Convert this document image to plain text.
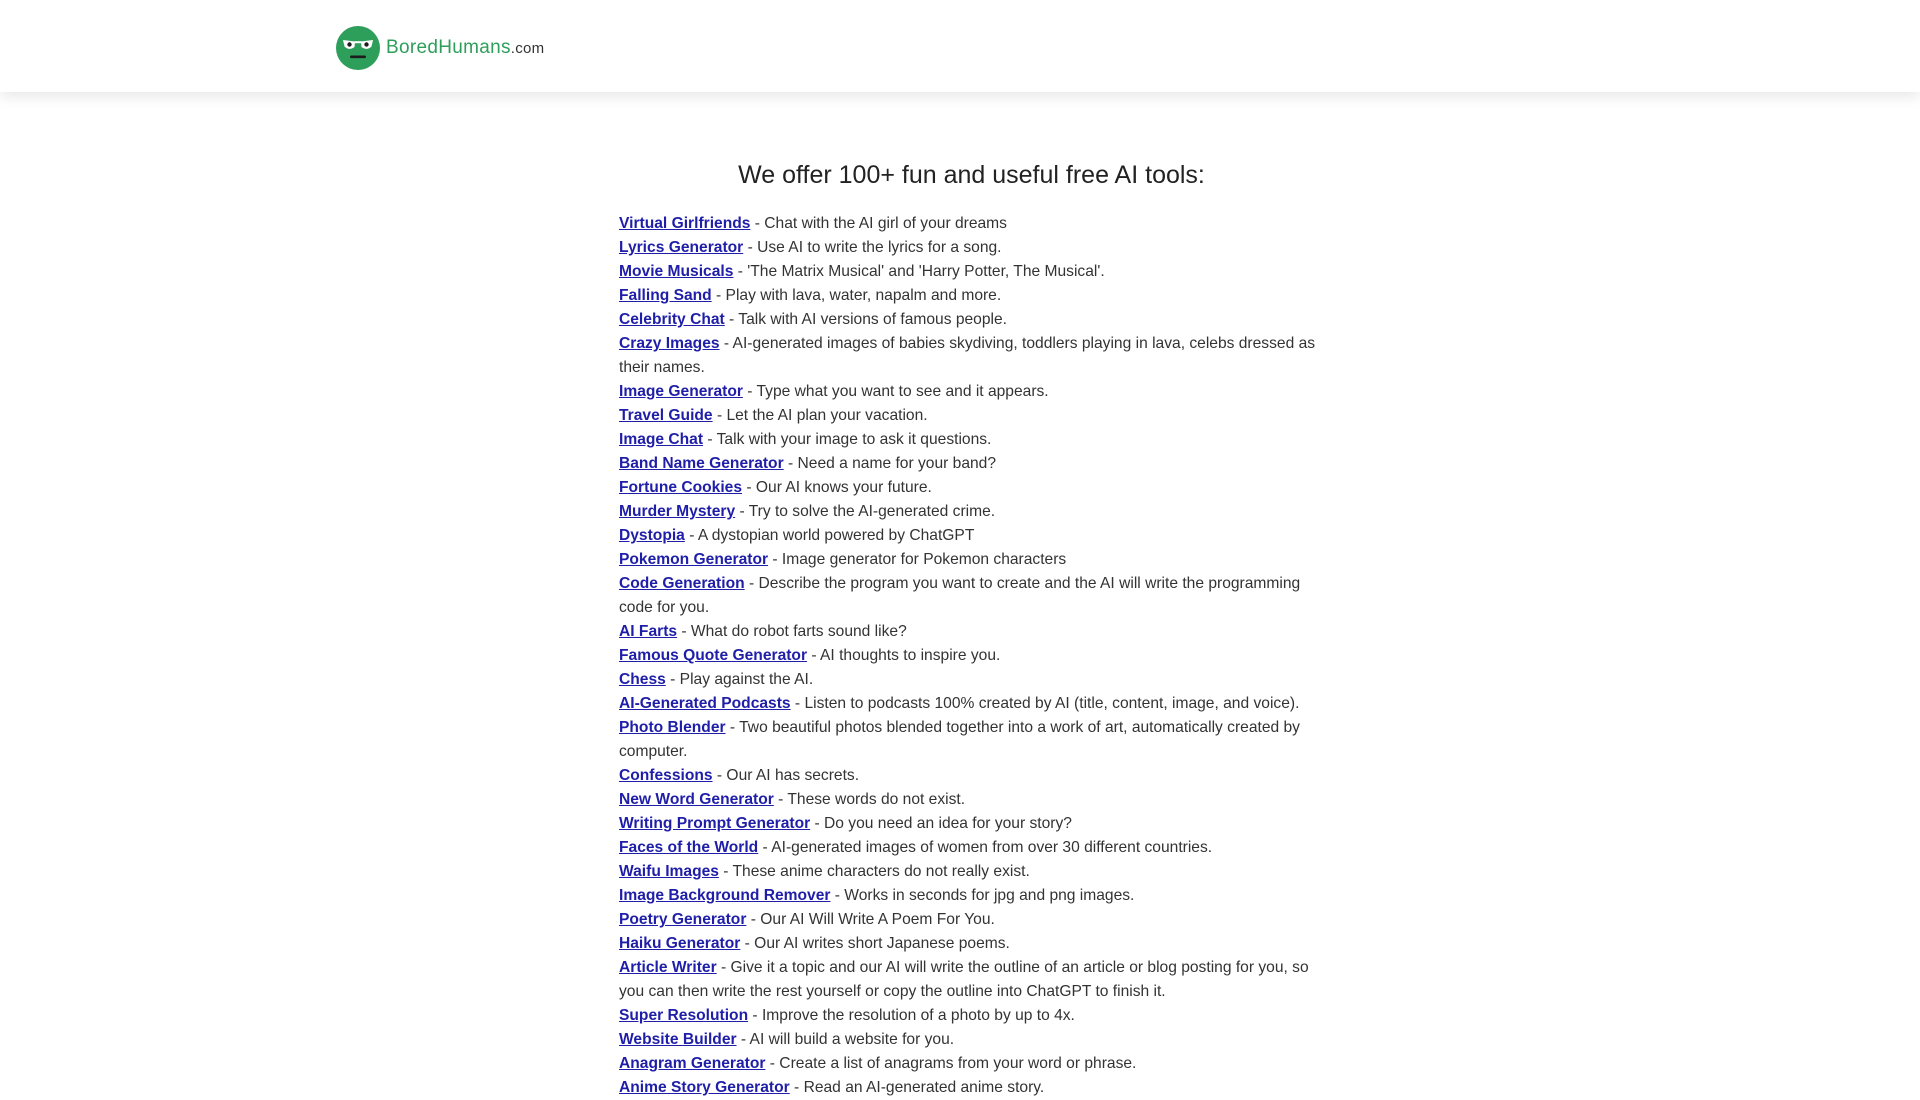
BoredHumans.com
We offer 100+ fun and useful free AI tools:
Virtual Girlfriends - Chat with the AI girl of your dreams
Lyrics Generator - Use AI to write the lyrics for a song.
Movie Musicals - 'The Matrix Musical' and 'Harry Potter, The Musical'.
Falling Sand - Play with lava, water, napalm and more.
Celebrity Chat - Talk with AI versions of famous people.
Crazy Images - AI-generated images of babies skydiving, toddlers playing in lava, celebs dressed as their names.
Image Generator - Type what you want to see and it appears.
Travel Guide - Let the AI plan your vacation.
Image Chat - Talk with your image to ask it questions.
Band Name Generator - Need a name for your band?
Fortune Cookies - Our AI knows your future.
Murder Mystery - Try to solve the AI-generated crime.
Dystopia - A dystopian world powered by ChatGPT
Pokemon Generator - Image generator for Pokemon characters
Code Generation - Describe the program you want to create and the AI will write the programming code for you.
AI Farts - What do robot farts sound like?
Famous Quote Generator - AI thoughts to inspire you.
Chess - Play against the AI.
AI-Generated Podcasts - Listen to podcasts 100% created by AI (title, content, image, and voice).
Photo Blender - Two beautiful photos blended together into a work of art, automatically created by computer.
Confessions - Our AI has secrets.
New Word Generator - These words do not exist.
Writing Prompt Generator - Do you need an idea for your story?
Faces of the World - AI-generated images of women from over 30 different countries.
Waifu Images - These anime characters do not really exist.
Image Background Remover - Works in seconds for jpg and png images.
Poetry Generator - Our AI Will Write A Poem For You.
Haiku Generator - Our AI writes short Japanese poems.
Article Writer - Give it a topic and our AI will write the outline of an article or blog posting for you, so you can then write the rest yourself or copy the outline into ChatGPT to finish it.
Super Resolution - Improve the resolution of a photo by up to 4x.
Website Builder - AI will build a website for you.
Anagram Generator - Create a list of anagrams from your word or phrase.
Anime Story Generator - Read an AI-generated anime story.
